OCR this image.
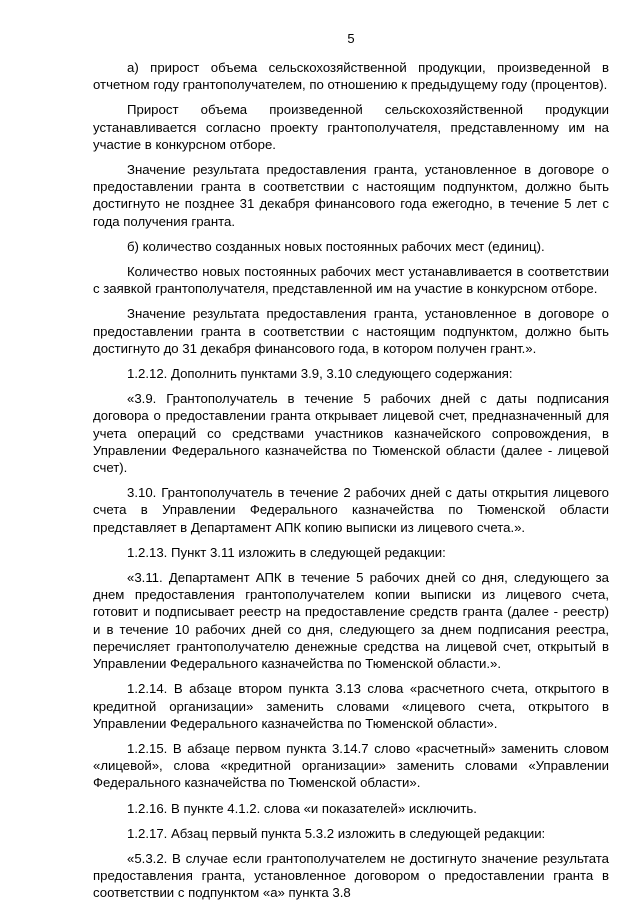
5

а) прирост объема сельскохозяйственной продукции, произведенной в отчетном году грантополучателем, по отношению к предыдущему году (процентов).

Прирост объема произведенной сельскохозяйственной продукции устанавливается согласно проекту грантополучателя, представленному им на участие в конкурсном отборе.

Значение результата предоставления гранта, установленное в договоре о предоставлении гранта в соответствии с настоящим подпунктом, должно быть достигнуто не позднее 31 декабря финансового года ежегодно, в течение 5 лет с года получения гранта.

б) количество созданных новых постоянных рабочих мест (единиц).

Количество новых постоянных рабочих мест устанавливается в соответствии с заявкой грантополучателя, представленной им на участие в конкурсном отборе.

Значение результата предоставления гранта, установленное в договоре о предоставлении гранта в соответствии с настоящим подпунктом, должно быть достигнуто до 31 декабря финансового года, в котором получен грант.».

1.2.12. Дополнить пунктами 3.9, 3.10 следующего содержания:

«3.9. Грантополучатель в течение 5 рабочих дней с даты подписания договора о предоставлении гранта открывает лицевой счет, предназначенный для учета операций со средствами участников казначейского сопровождения, в Управлении Федерального казначейства по Тюменской области (далее - лицевой счет).

3.10. Грантополучатель в течение 2 рабочих дней с даты открытия лицевого счета в Управлении Федерального казначейства по Тюменской области представляет в Департамент АПК копию выписки из лицевого счета.».

1.2.13. Пункт 3.11 изложить в следующей редакции:

«3.11. Департамент АПК в течение 5 рабочих дней со дня, следующего за днем предоставления грантополучателем копии выписки из лицевого счета, готовит и подписывает реестр на предоставление средств гранта (далее - реестр) и в течение 10 рабочих дней со дня, следующего за днем подписания реестра, перечисляет грантополучателю денежные средства на лицевой счет, открытый в Управлении Федерального казначейства по Тюменской области.».

1.2.14. В абзаце втором пункта 3.13 слова «расчетного счета, открытого в кредитной организации» заменить словами «лицевого счета, открытого в Управлении Федерального казначейства по Тюменской области».

1.2.15. В абзаце первом пункта 3.14.7 слово «расчетный» заменить словом «лицевой», слова «кредитной организации» заменить словами «Управлении Федерального казначейства по Тюменской области».

1.2.16. В пункте 4.1.2. слова «и показателей» исключить.

1.2.17. Абзац первый пункта 5.3.2 изложить в следующей редакции:

«5.3.2. В случае если грантополучателем не достигнуто значение результата предоставления гранта, установленное договором о предоставлении гранта в соответствии с подпунктом «а» пункта 3.8
